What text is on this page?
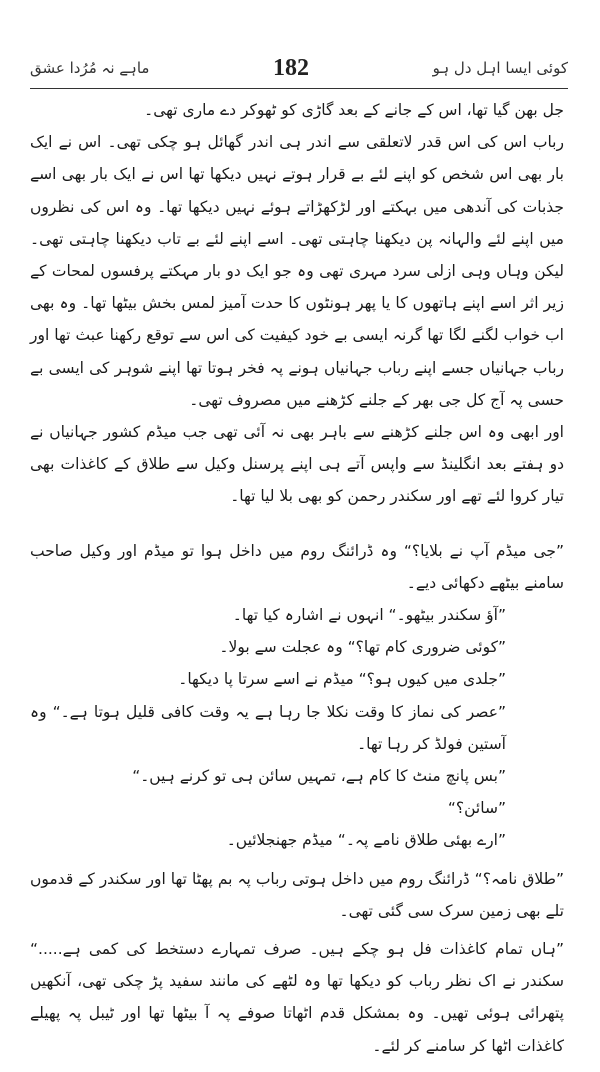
ماہے نہ مُرُدا عشق	182	کوئی ایسا اہل دل ہو

جل بھن گیا تھا، اس کے جانے کے بعد گاڑی کو ٹھوکر دے ماری تھی۔

رباب اس کی اس قدر لاتعلقی سے اندر ہی اندر گھائل ہو چکی تھی۔ اس نے ایک بار بھی اس شخص کو اپنے لئے بے قرار ہوتے نہیں دیکھا تھا اس نے ایک بار بھی اسے جذبات کی آندھی میں بہکتے اور لڑکھڑاتے ہوئے نہیں دیکھا تھا۔ وہ اس کی نظروں میں اپنے لئے والہانہ پن دیکھنا چاہتی تھی۔ اسے اپنے لئے بے تاب دیکھنا چاہتی تھی۔ لیکن وہاں وہی ازلی سرد مہری تھی وہ جو ایک دو بار مہکتے پرفسوں لمحات کے زیر اثر اسے اپنے ہاتھوں کا یا پھر ہونٹوں کا حدت آمیز لمس بخش بیٹھا تھا۔ وہ بھی اب خواب لگنے لگا تھا گرنہ ایسی بے خود کیفیت کی اس سے توقع رکھنا عبث تھا اور رباب جہانیاں جسے اپنے رباب جہانیاں ہونے پہ فخر ہوتا تھا اپنے شوہر کی ایسی بے حسی پہ آج کل جی بھر کے جلنے کڑھنے میں مصروف تھی۔

اور ابھی وہ اس جلنے کڑھنے سے باہر بھی نہ آئی تھی جب میڈم کشور جہانیاں نے دو ہفتے بعد انگلینڈ سے واپس آتے ہی اپنے پرسنل وکیل سے طلاق کے کاغذات بھی تیار کروا لئے تھے اور سکندر رحمن کو بھی بلا لیا تھا۔

”جی میڈم آپ نے بلایا؟“ وہ ڈرائنگ روم میں داخل ہوا تو میڈم اور وکیل صاحب سامنے بیٹھے دکھائی دیے۔

”آؤ سکندر بیٹھو۔“ انہوں نے اشارہ کیا تھا۔

”کوئی ضروری کام تھا؟“ وہ عجلت سے بولا۔

”جلدی میں کیوں ہو؟“ میڈم نے اسے سرتا پا دیکھا۔

”عصر کی نماز کا وقت نکلا جا رہا ہے یہ وقت کافی قلیل ہوتا ہے۔“ وہ آستین فولڈ کر رہا تھا۔

”بس پانچ منٹ کا کام ہے، تمہیں سائن ہی تو کرنے ہیں۔“

”سائن؟“

”ارے بھئی طلاق نامے پہ۔“ میڈم جھنجلائیں۔

”طلاق نامہ؟“ ڈرائنگ روم میں داخل ہوتی رباب پہ بم پھٹا تھا اور سکندر کے قدموں تلے بھی زمین سرک سی گئی تھی۔

”ہاں تمام کاغذات فل ہو چکے ہیں۔ صرف تمہارے دستخط کی کمی ہے.....“ سکندر نے اک نظر رباب کو دیکھا تھا وہ لٹھے کی مانند سفید پڑ چکی تھی، آنکھیں پتھرائی ہوئی تھیں۔ وہ بمشکل قدم اٹھاتا صوفے پہ آ بیٹھا تھا اور ٹیبل پہ پھیلے کاغذات اٹھا کر سامنے کر لئے۔
